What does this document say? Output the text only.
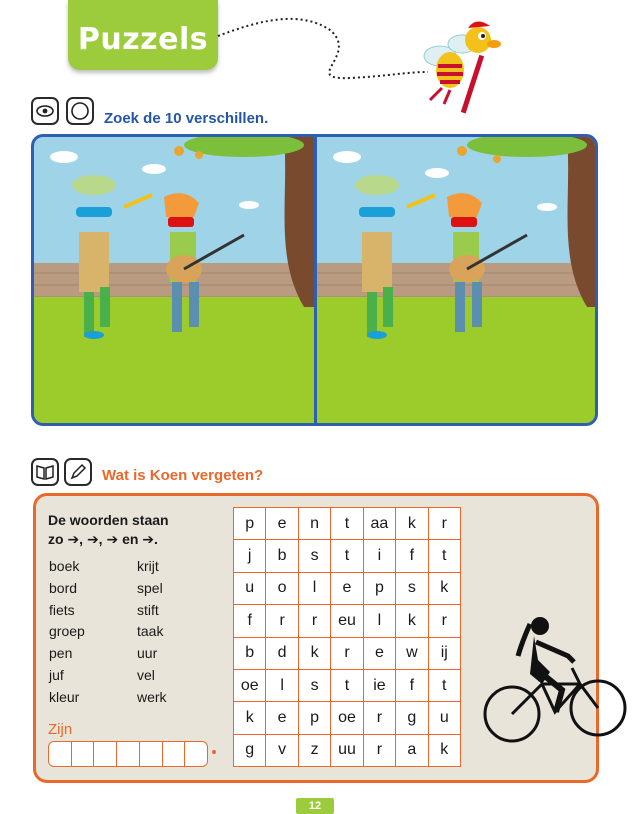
Puzzels
Zoek de 10 verschillen.
Wat is Koen vergeten?
De woorden staan
zo ➔, ➔, ➔ en ➔.
boek
bord
fiets
groep
pen
juf
kleur
krijt
spel
stift
taak
uur
vel
werk
p	e	n	t	aa	k	r
j	b	s	t	i	f	t
u	o	l	e	p	s	k
f	r	r	eu	l	k	r
b	d	k	r	e	w	ij
oe	l	s	t	ie	f	t
k	e	p	oe	r	g	u
g	v	z	uu	r	a	k
Zijn
12
